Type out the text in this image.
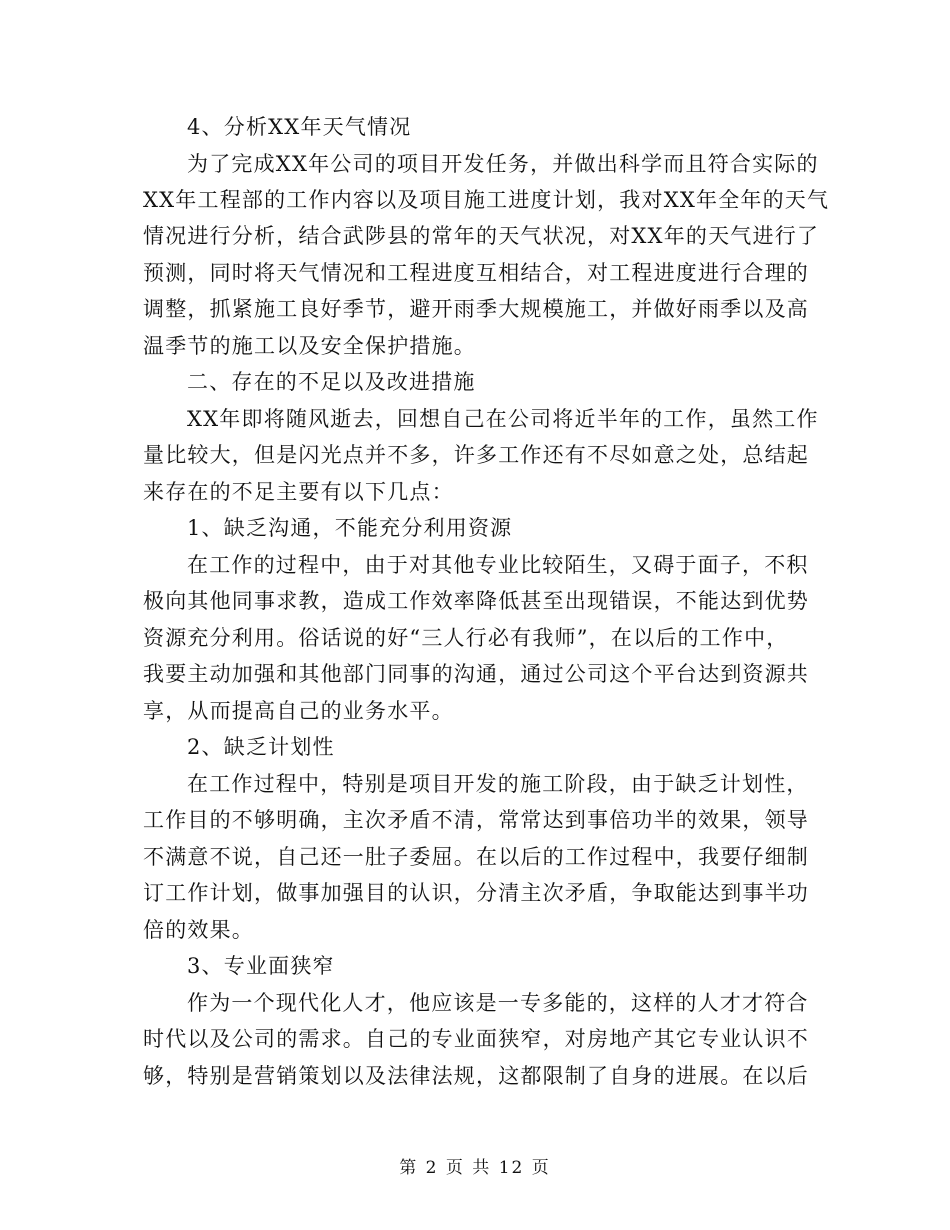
4、分析XX年天气情况
为了完成XX年公司的项目开发任务，并做出科学而且符合实际的
XX年工程部的工作内容以及项目施工进度计划，我对XX年全年的天气
情况进行分析，结合武陟县的常年的天气状况，对XX年的天气进行了
预测，同时将天气情况和工程进度互相结合，对工程进度进行合理的
调整，抓紧施工良好季节，避开雨季大规模施工，并做好雨季以及高
温季节的施工以及安全保护措施。
二、存在的不足以及改进措施
XX年即将随风逝去，回想自己在公司将近半年的工作，虽然工作
量比较大，但是闪光点并不多，许多工作还有不尽如意之处，总结起
来存在的不足主要有以下几点：
1、缺乏沟通，不能充分利用资源
在工作的过程中，由于对其他专业比较陌生，又碍于面子，不积
极向其他同事求教，造成工作效率降低甚至出现错误，不能达到优势
资源充分利用。俗话说的好“三人行必有我师”，在以后的工作中，
我要主动加强和其他部门同事的沟通，通过公司这个平台达到资源共
享，从而提高自己的业务水平。
2、缺乏计划性
在工作过程中，特别是项目开发的施工阶段，由于缺乏计划性，
工作目的不够明确，主次矛盾不清，常常达到事倍功半的效果，领导
不满意不说，自己还一肚子委屈。在以后的工作过程中，我要仔细制
订工作计划，做事加强目的认识，分清主次矛盾，争取能达到事半功
倍的效果。
3、专业面狭窄
作为一个现代化人才，他应该是一专多能的，这样的人才才符合
时代以及公司的需求。自己的专业面狭窄，对房地产其它专业认识不
够，特别是营销策划以及法律法规，这都限制了自身的进展。在以后
第 2 页 共 12 页
